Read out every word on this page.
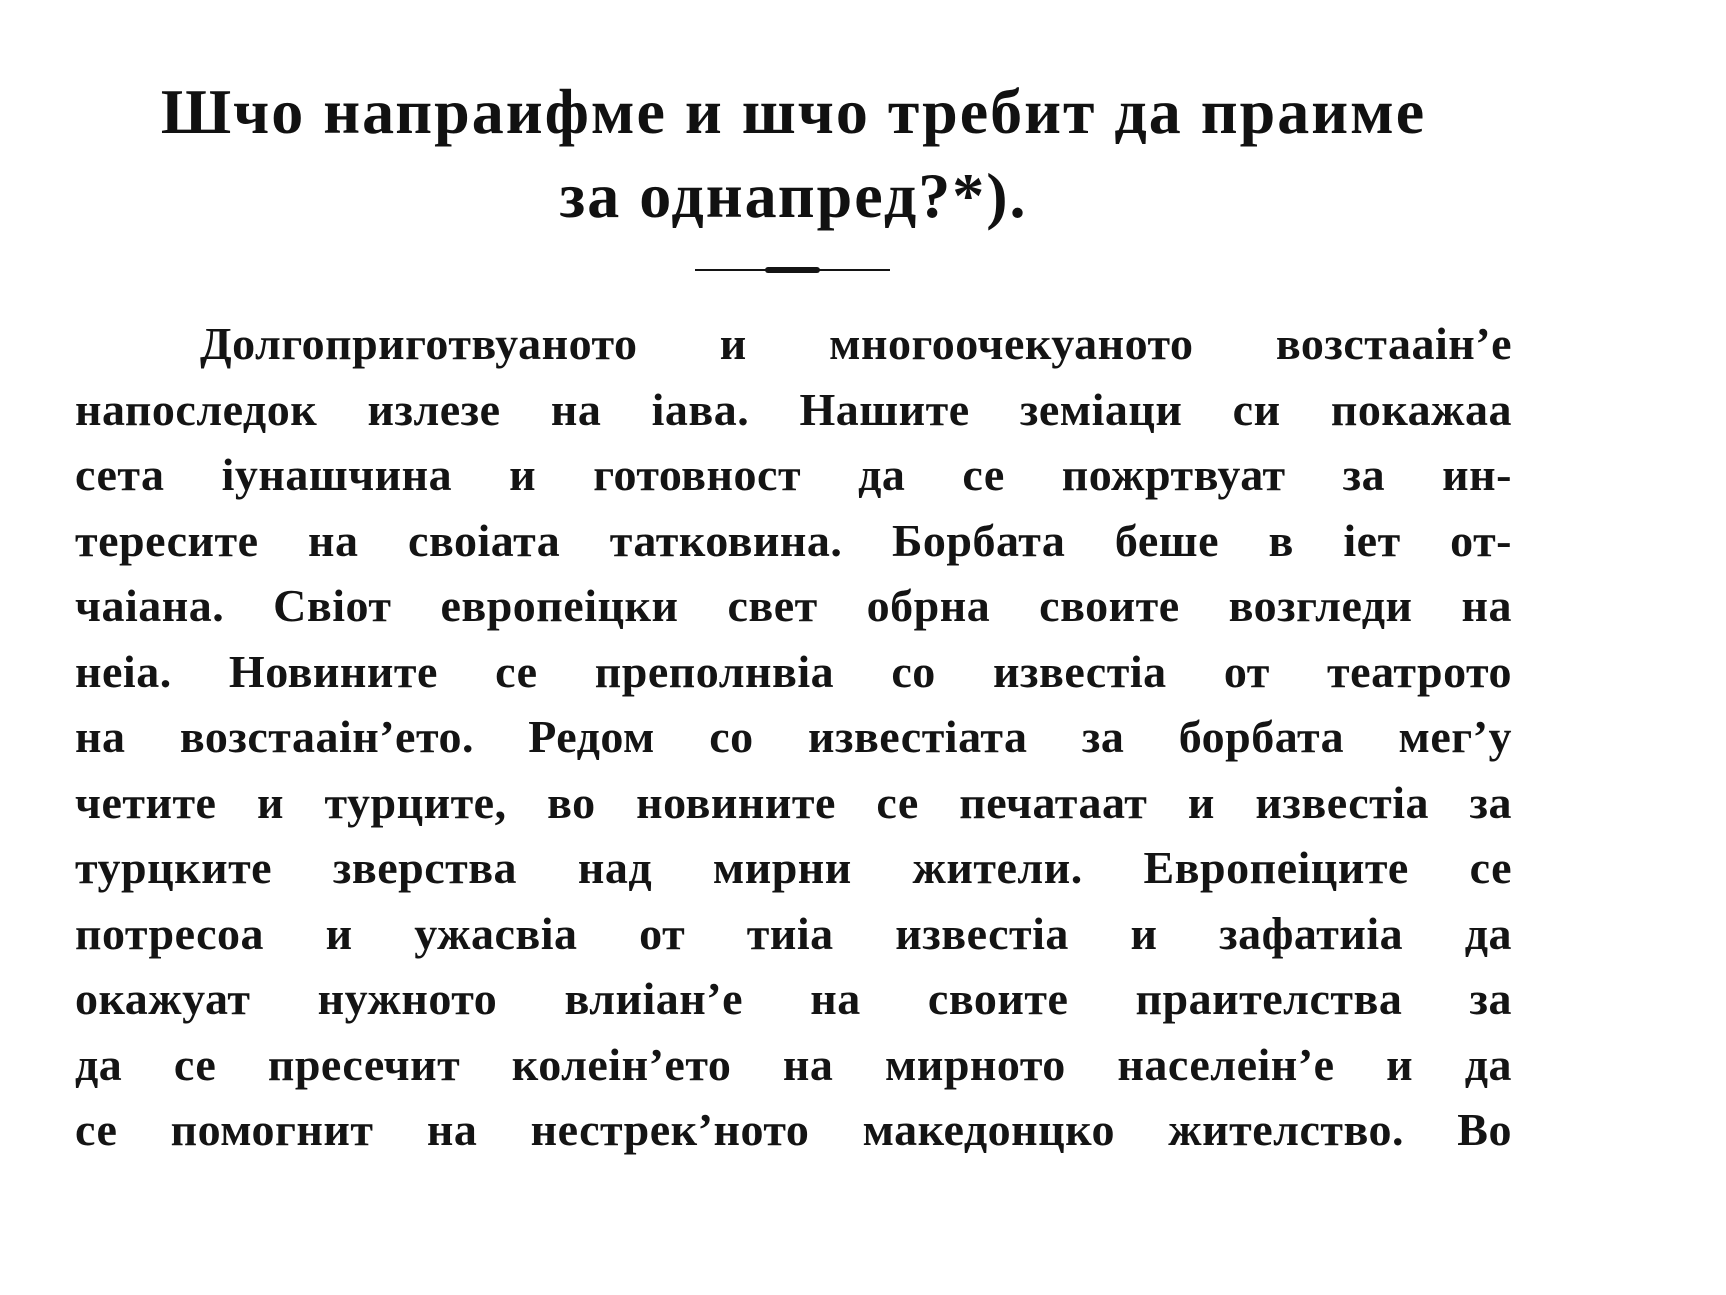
Шчо напраифме и шчо требит да праиме
за однапред?*).
Долгоприготвуаното и многоочекуаното возстааін’е
напоследок излезе на іава. Нашите земіаци си покажаа
сета іунашчина и готовност да се пожртвуат за ин-
тересите на своіата татковина. Борбата беше в іет от-
чаіана. Свіот европеіцки свет обрна своите возгледи на
неіа. Новините се преполнвіа со известіа от театрото
на возстааін’ето. Редом со известіата за борбата мег’у
четите и турците, во новините се печатаат и известіа за
турцките зверства над мирни жители. Европеіците се
потресоа и ужасвіа от тиіа известіа и зафатиіа да
окажуат нужното влиіан’е на своите праителства за
да се пресечит колеін’ето на мирното населеін’е и да
се помогнит на нестрек’ното македонцко жителство. Во
